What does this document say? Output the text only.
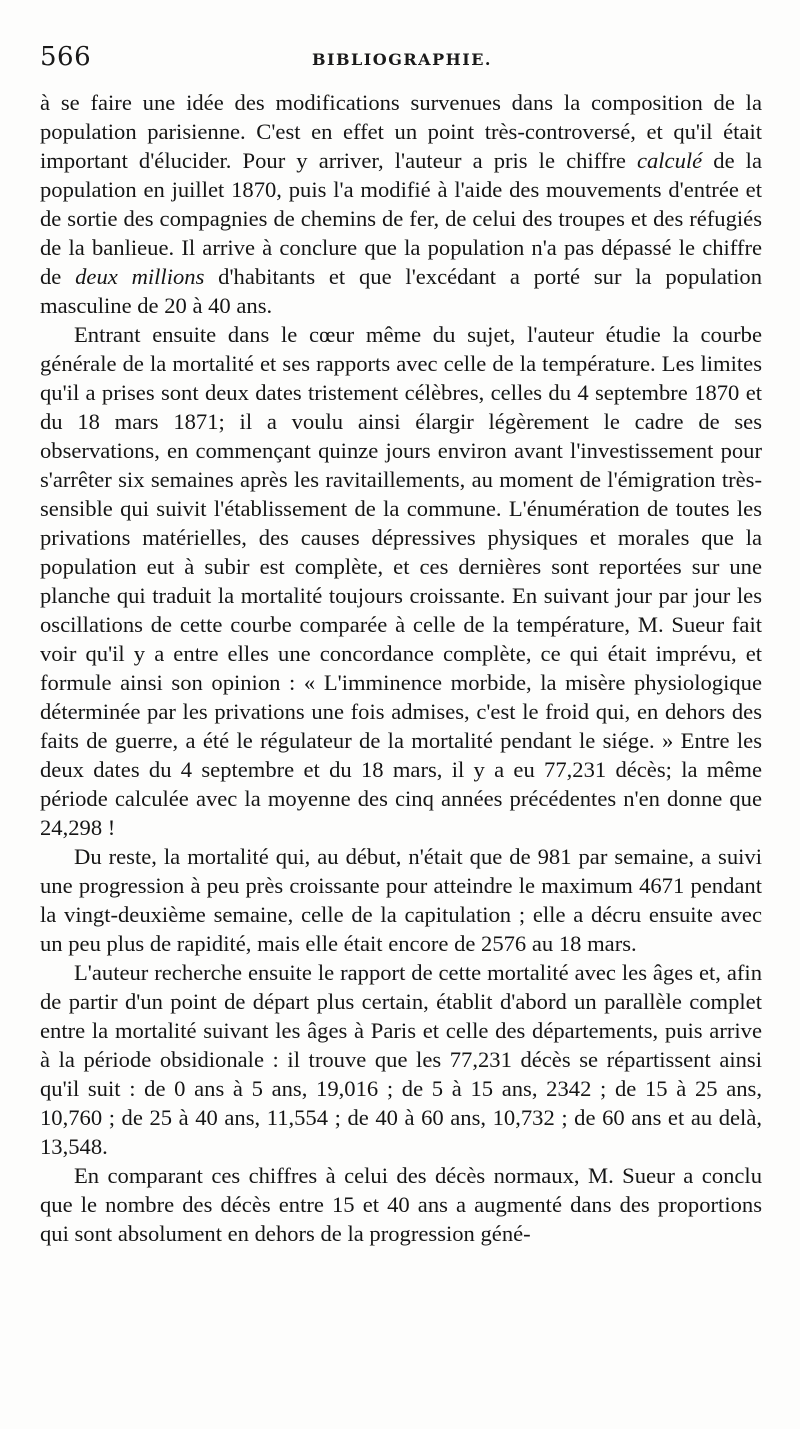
566	BIBLIOGRAPHIE.

à se faire une idée des modifications survenues dans la composition de la population parisienne. C'est en effet un point très-controversé, et qu'il était important d'élucider. Pour y arriver, l'auteur a pris le chiffre calculé de la population en juillet 1870, puis l'a modifié à l'aide des mouvements d'entrée et de sortie des compagnies de chemins de fer, de celui des troupes et des réfugiés de la banlieue. Il arrive à conclure que la population n'a pas dépassé le chiffre de deux millions d'habitants et que l'excédant a porté sur la population masculine de 20 à 40 ans.

Entrant ensuite dans le cœur même du sujet, l'auteur étudie la courbe générale de la mortalité et ses rapports avec celle de la température. Les limites qu'il a prises sont deux dates tristement célèbres, celles du 4 septembre 1870 et du 18 mars 1871; il a voulu ainsi élargir légèrement le cadre de ses observations, en commençant quinze jours environ avant l'investissement pour s'arrêter six semaines après les ravitaillements, au moment de l'émigration très-sensible qui suivit l'établissement de la commune. L'énumération de toutes les privations matérielles, des causes dépressives physiques et morales que la population eut à subir est complète, et ces dernières sont reportées sur une planche qui traduit la mortalité toujours croissante. En suivant jour par jour les oscillations de cette courbe comparée à celle de la température, M. Sueur fait voir qu'il y a entre elles une concordance complète, ce qui était imprévu, et formule ainsi son opinion : « L'imminence morbide, la misère physiologique déterminée par les privations une fois admises, c'est le froid qui, en dehors des faits de guerre, a été le régulateur de la mortalité pendant le siége. » Entre les deux dates du 4 septembre et du 18 mars, il y a eu 77,231 décès; la même période calculée avec la moyenne des cinq années précédentes n'en donne que 24,298 !

Du reste, la mortalité qui, au début, n'était que de 981 par semaine, a suivi une progression à peu près croissante pour atteindre le maximum 4671 pendant la vingt-deuxième semaine, celle de la capitulation ; elle a décru ensuite avec un peu plus de rapidité, mais elle était encore de 2576 au 18 mars.

L'auteur recherche ensuite le rapport de cette mortalité avec les âges et, afin de partir d'un point de départ plus certain, établit d'abord un parallèle complet entre la mortalité suivant les âges à Paris et celle des départements, puis arrive à la période obsidionale : il trouve que les 77,231 décès se répartissent ainsi qu'il suit : de 0 ans à 5 ans, 19,016 ; de 5 à 15 ans, 2342 ; de 15 à 25 ans, 10,760 ; de 25 à 40 ans, 11,554 ; de 40 à 60 ans, 10,732 ; de 60 ans et au delà, 13,548.

En comparant ces chiffres à celui des décès normaux, M. Sueur a conclu que le nombre des décès entre 15 et 40 ans a augmenté dans des proportions qui sont absolument en dehors de la progression géné-
